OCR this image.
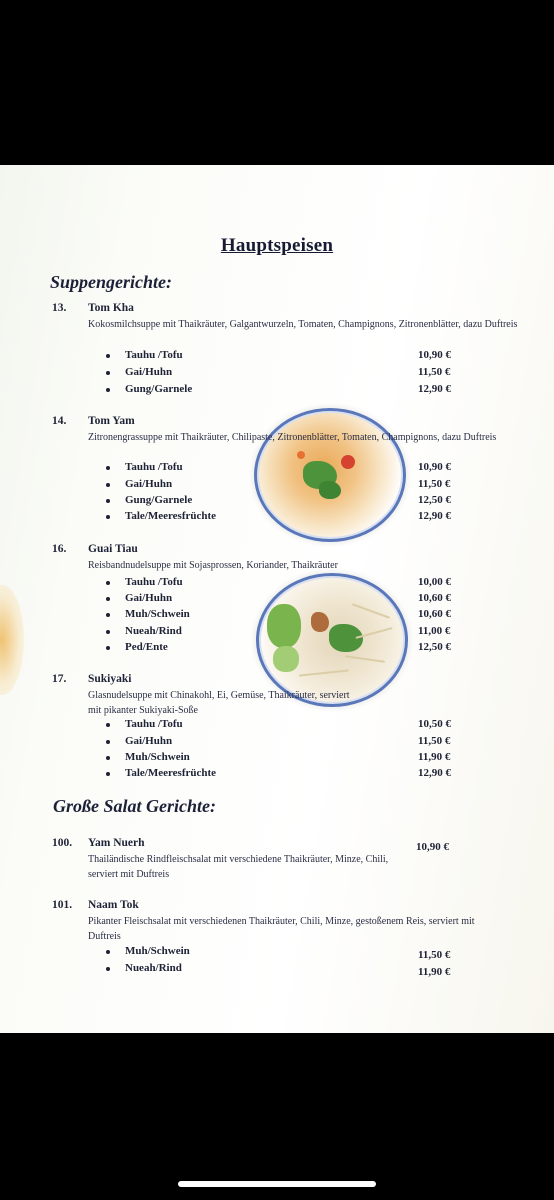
Hauptspeisen
Suppengerichte:
13. Tom Kha
Kokosmilchsuppe mit Thaikräuter, Galgantwurzeln, Tomaten, Champignons, Zitronenblätter, dazu Duftreis
Tauhu /Tofu	10,90 €
Gai/Huhn	11,50 €
Gung/Garnele	12,90 €
14. Tom Yam
Zitronengrassuppe mit Thaikräuter, Chilipaste, Zitronenblätter, Tomaten, Champignons, dazu Duftreis
Tauhu /Tofu	10,90 €
Gai/Huhn	11,50 €
Gung/Garnele	12,50 €
Tale/Meeresfrüchte	12,90 €
16. Guai Tiau
Reisbandnudelsuppe mit Sojasprossen, Koriander, Thaikräuter
Tauhu /Tofu	10,00 €
Gai/Huhn	10,60 €
Muh/Schwein	10,60 €
Nueah/Rind	11,00 €
Ped/Ente	12,50 €
17. Sukiyaki
Glasnudelsuppe mit Chinakohl, Ei, Gemüse, Thaikräuter, serviert mit pikanter Sukiyaki-Soße
Tauhu /Tofu	10,50 €
Gai/Huhn	11,50 €
Muh/Schwein	11,90 €
Tale/Meeresfrüchte	12,90 €
Große Salat Gerichte:
100. Yam Nuerh	10,90 €
Thailändische Rindfleischsalat mit verschiedene Thaikräuter, Minze, Chili, serviert mit Duftreis
101. Naam Tok
Pikanter Fleischsalat mit verschiedenen Thaikräuter, Chili, Minze, gestoßenem Reis, serviert mit Duftreis
Muh/Schwein	11,50 €
Nueah/Rind	11,90 €
